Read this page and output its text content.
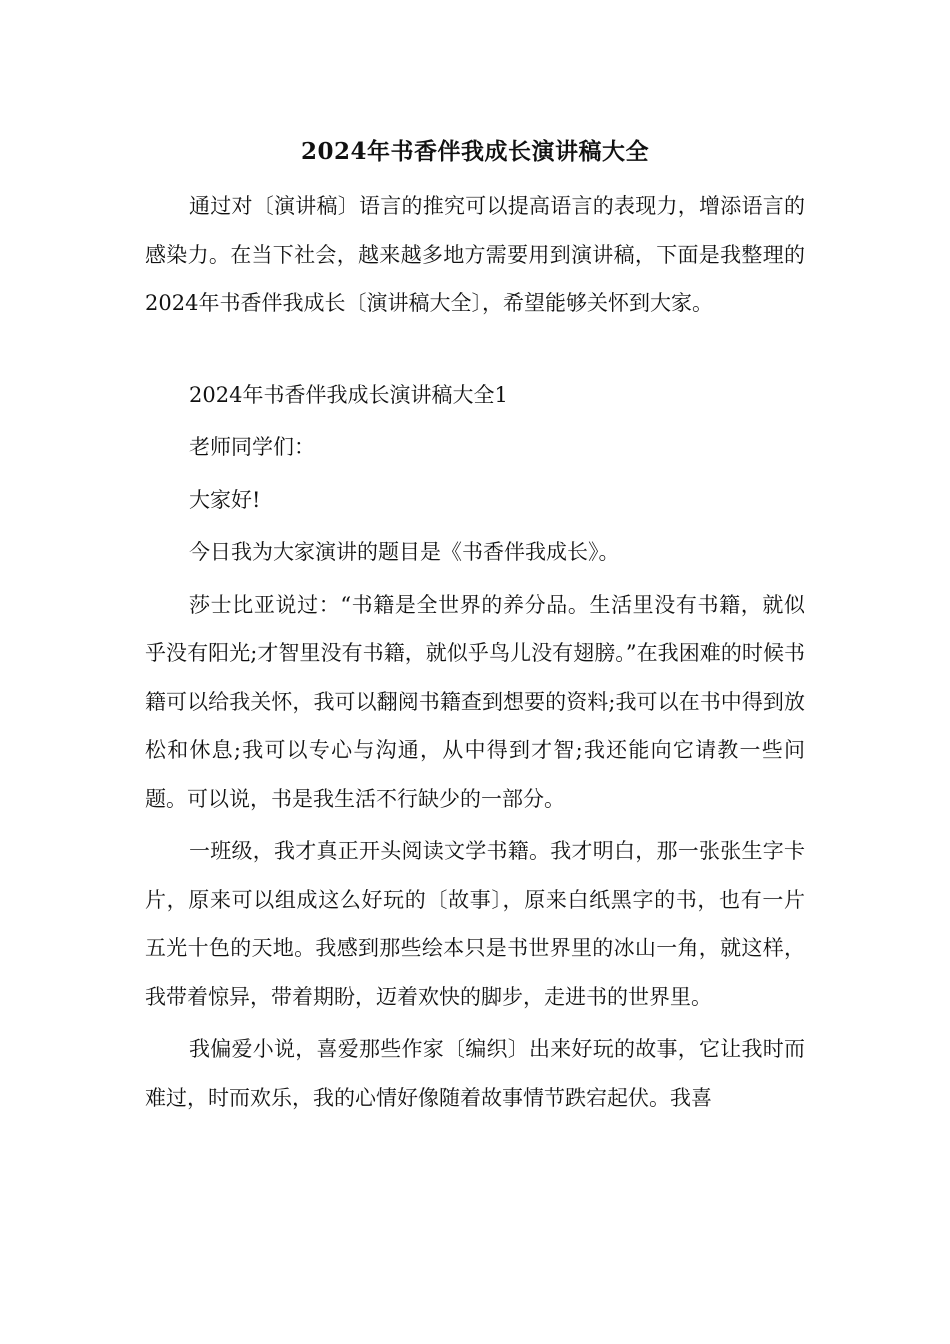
2024年书香伴我成长演讲稿大全

通过对〔演讲稿〕语言的推究可以提高语言的表现力，增添语言的感染力。在当下社会，越来越多地方需要用到演讲稿，下面是我整理的2024年书香伴我成长〔演讲稿大全〕，希望能够关怀到大家。

2024年书香伴我成长演讲稿大全1

老师同学们：

大家好!

今日我为大家演讲的题目是《书香伴我成长》。

莎士比亚说过：“书籍是全世界的养分品。生活里没有书籍，就似乎没有阳光;才智里没有书籍，就似乎鸟儿没有翅膀。”在我困难的时候书籍可以给我关怀，我可以翻阅书籍查到想要的资料;我可以在书中得到放松和休息;我可以专心与沟通，从中得到才智;我还能向它请教一些问题。可以说，书是我生活不行缺少的一部分。

一班级，我才真正开头阅读文学书籍。我才明白，那一张张生字卡片，原来可以组成这么好玩的〔故事〕，原来白纸黑字的书，也有一片五光十色的天地。我感到那些绘本只是书世界里的冰山一角，就这样，我带着惊异，带着期盼，迈着欢快的脚步，走进书的世界里。

我偏爱小说，喜爱那些作家〔编织〕出来好玩的故事，它让我时而难过，时而欢乐，我的心情好像随着故事情节跌宕起伏。我喜
